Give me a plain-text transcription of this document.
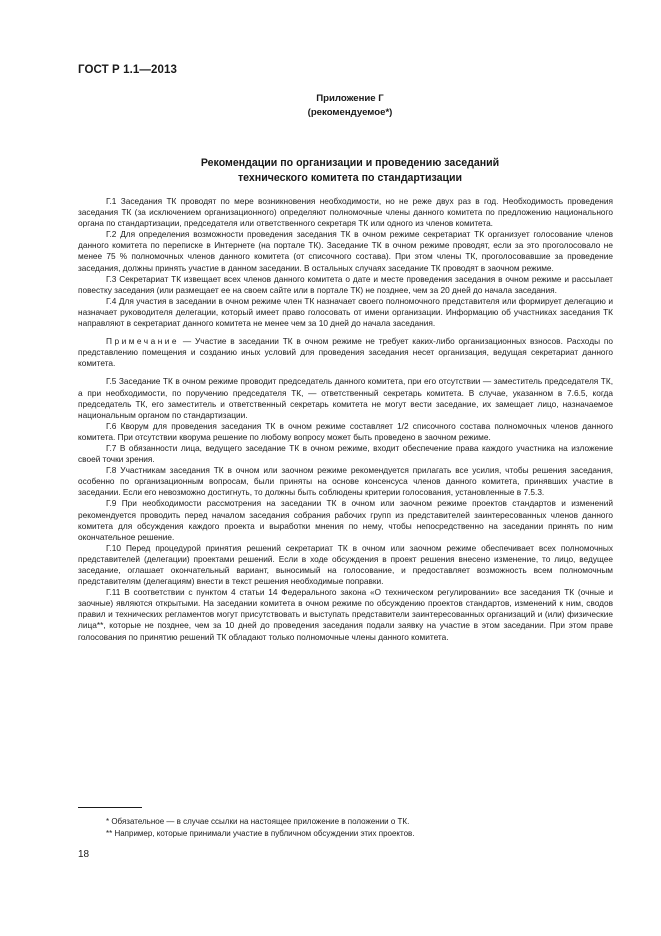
ГОСТ Р 1.1—2013
Приложение Г
(рекомендуемое*)
Рекомендации по организации и проведению заседаний
технического комитета по стандартизации

Г.1 Заседания ТК проводят по мере возникновения необходимости, но не реже двух раз в год. Необходимость проведения заседания ТК (за исключением организационного) определяют полномочные члены данного комитета по предложению национального органа по стандартизации, председателя или ответственного секретаря ТК или одного из членов комитета.

Г.2 Для определения возможности проведения заседания ТК в очном режиме секретариат ТК организует голосование членов данного комитета по переписке в Интернете (на портале ТК). Заседание ТК в очном режиме проводят, если за это проголосовало не менее 75 % полномочных членов данного комитета (от списочного состава). При этом члены ТК, проголосовавшие за проведение заседания, должны принять участие в данном заседании. В остальных случаях заседание ТК проводят в заочном режиме.

Г.3 Секретариат ТК извещает всех членов данного комитета о дате и месте проведения заседания в очном режиме и рассылает повестку заседания (или размещает ее на своем сайте или в портале ТК) не позднее, чем за 20 дней до начала заседания.

Г.4 Для участия в заседании в очном режиме член ТК назначает своего полномочного представителя или формирует делегацию и назначает руководителя делегации, который имеет право голосовать от имени организации. Информацию об участниках заседания ТК направляют в секретариат данного комитета не менее чем за 10 дней до начала заседания.

Примечание — Участие в заседании ТК в очном режиме не требует каких-либо организационных взносов. Расходы по представлению помещения и созданию иных условий для проведения заседания несет организация, ведущая секретариат данного комитета.

Г.5 Заседание ТК в очном режиме проводит председатель данного комитета, при его отсутствии — заместитель председателя ТК, а при необходимости, по поручению председателя ТК, — ответственный секретарь комитета. В случае, указанном в 7.6.5, когда председатель ТК, его заместитель и ответственный секретарь комитета не могут вести заседание, их замещает лицо, назначаемое национальным органом по стандартизации.

Г.6 Кворум для проведения заседания ТК в очном режиме составляет 1/2 списочного состава полномочных членов данного комитета. При отсутствии кворума решение по любому вопросу может быть проведено в заочном режиме.

Г.7 В обязанности лица, ведущего заседание ТК в очном режиме, входит обеспечение права каждого участника на изложение своей точки зрения.

Г.8 Участникам заседания ТК в очном или заочном режиме рекомендуется прилагать все усилия, чтобы решения заседания, особенно по организационным вопросам, были приняты на основе консенсуса членов данного комитета, принявших участие в заседании. Если его невозможно достигнуть, то должны быть соблюдены критерии голосования, установленные в 7.5.3.

Г.9 При необходимости рассмотрения на заседании ТК в очном или заочном режиме проектов стандартов и изменений рекомендуется проводить перед началом заседания собрания рабочих групп из представителей заинтересованных членов данного комитета для обсуждения каждого проекта и выработки мнения по нему, чтобы непосредственно на заседании принять по ним окончательное решение.

Г.10 Перед процедурой принятия решений секретариат ТК в очном или заочном режиме обеспечивает всех полномочных представителей (делегации) проектами решений. Если в ходе обсуждения в проект решения внесено изменение, то лицо, ведущее заседание, оглашает окончательный вариант, выносимый на голосование, и предоставляет возможность всем полномочным представителям (делегациям) внести в текст решения необходимые поправки.

Г.11 В соответствии с пунктом 4 статьи 14 Федерального закона «О техническом регулировании» все заседания ТК (очные и заочные) являются открытыми. На заседании комитета в очном режиме по обсуждению проектов стандартов, изменений к ним, сводов правил и технических регламентов могут присутствовать и выступать представители заинтересованных организаций и (или) физические лица**, которые не позднее, чем за 10 дней до проведения заседания подали заявку на участие в этом заседании. При этом праве голосования по принятию решений ТК обладают только полномочные члены данного комитета.

* Обязательное — в случае ссылки на настоящее приложение в положении о ТК.
** Например, которые принимали участие в публичном обсуждении этих проектов.
18
